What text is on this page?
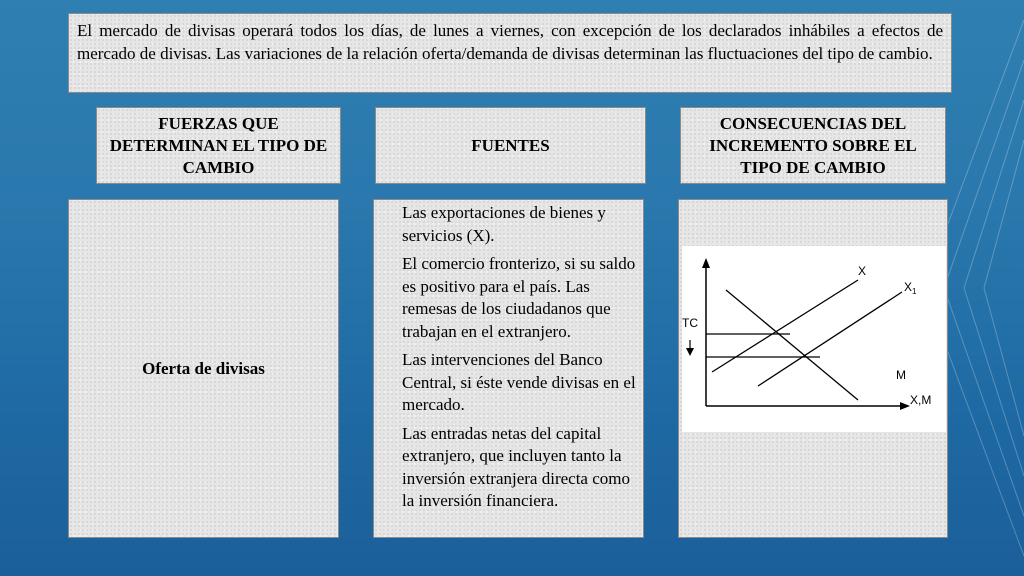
El mercado de divisas operará todos los días, de lunes a viernes, con excepción de los declarados inhábiles a efectos de mercado de divisas. Las variaciones de la relación oferta/demanda de divisas determinan las fluctuaciones del tipo de cambio.
FUERZAS QUE DETERMINAN EL TIPO DE CAMBIO
FUENTES
CONSECUENCIAS DEL INCREMENTO SOBRE EL TIPO DE CAMBIO
Oferta de divisas

Las exportaciones de bienes y servicios (X).

El comercio fronterizo, si su saldo es positivo para el país. Las remesas de los ciudadanos que trabajan en el extranjero.

Las intervenciones del Banco Central, si éste vende divisas en el mercado.

Las entradas netas del capital extranjero, que incluyen tanto la inversión extranjera directa como la inversión financiera.

TC
X
$X_1$
M
X,M
